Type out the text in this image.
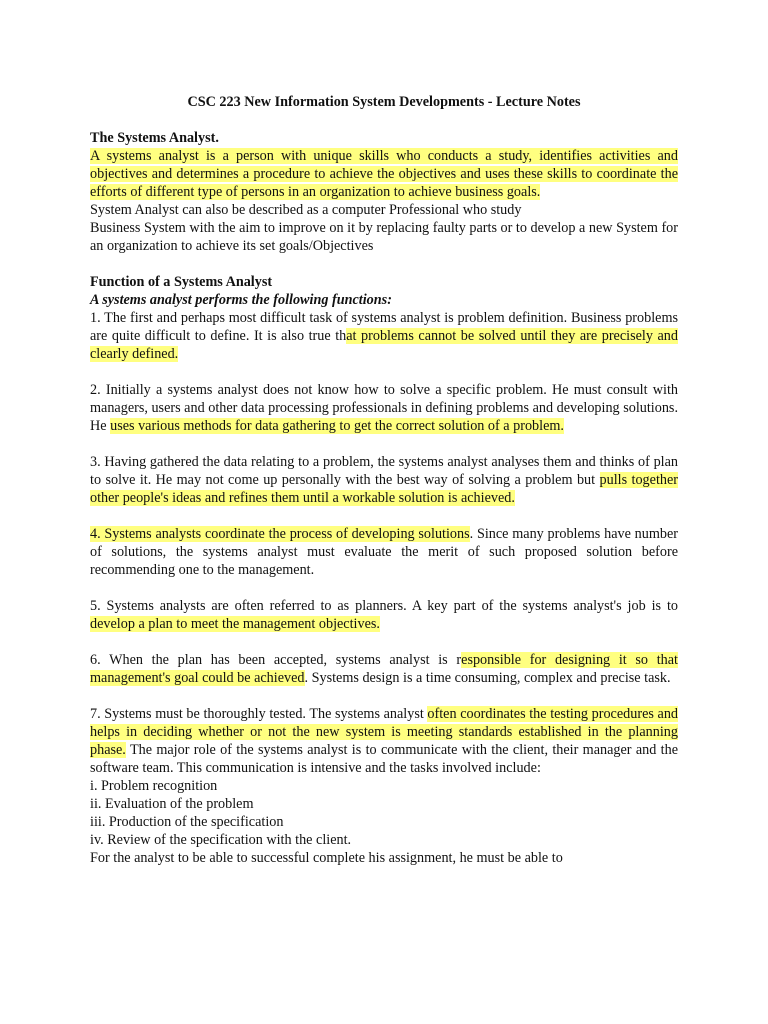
CSC 223 New Information System Developments - Lecture Notes

The Systems Analyst.

A systems analyst is a person with unique skills who conducts a study, identifies activities and objectives and determines a procedure to achieve the objectives and uses these skills to coordinate the efforts of different type of persons in an organization to achieve business goals.

System Analyst can also be described as a computer Professional who study

Business System with the aim to improve on it by replacing faulty parts or to develop a new System for an organization to achieve its set goals/Objectives

Function of a Systems Analyst

A systems analyst performs the following functions:

1. The first and perhaps most difficult task of systems analyst is problem definition. Business problems are quite difficult to define. It is also true that problems cannot be solved until they are precisely and clearly defined.

2. Initially a systems analyst does not know how to solve a specific problem. He must consult with managers, users and other data processing professionals in defining problems and developing solutions. He uses various methods for data gathering to get the correct solution of a problem.

3. Having gathered the data relating to a problem, the systems analyst analyses them and thinks of plan to solve it. He may not come up personally with the best way of solving a problem but pulls together other people's ideas and refines them until a workable solution is achieved.

4. Systems analysts coordinate the process of developing solutions. Since many problems have number of solutions, the systems analyst must evaluate the merit of such proposed solution before recommending one to the management.

5. Systems analysts are often referred to as planners. A key part of the systems analyst's job is to develop a plan to meet the management objectives.

6. When the plan has been accepted, systems analyst is responsible for designing it so that management's goal could be achieved. Systems design is a time consuming, complex and precise task.

7. Systems must be thoroughly tested. The systems analyst often coordinates the testing procedures and helps in deciding whether or not the new system is meeting standards established in the planning phase. The major role of the systems analyst is to communicate with the client, their manager and the software team. This communication is intensive and the tasks involved include:

i. Problem recognition
ii. Evaluation of the problem
iii. Production of the specification
iv. Review of the specification with the client.

For the analyst to be able to successful complete his assignment, he must be able to
